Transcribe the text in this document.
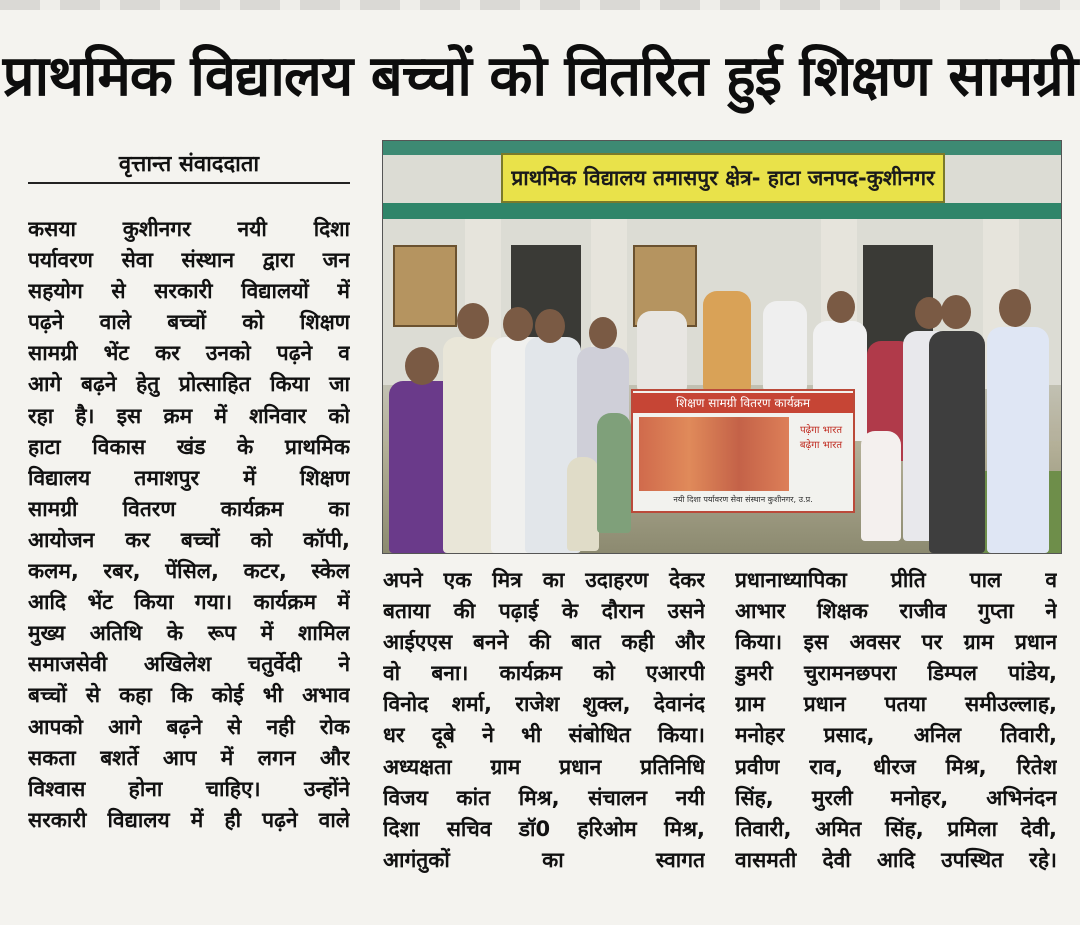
प्राथमिक विद्यालय बच्चों को वितरित हुई शिक्षण सामग्री
वृत्तान्त संवाददाता
कसया कुशीनगर नयी दिशा
पर्यावरण सेवा संस्थान द्वारा जन
सहयोग से सरकारी विद्यालयों में
पढ़ने वाले बच्चों को शिक्षण
सामग्री भेंट कर उनको पढ़ने व
आगे बढ़ने हेतु प्रोत्साहित किया जा
रहा है। इस क्रम में शनिवार को
हाटा विकास खंड के प्राथमिक
विद्यालय तमाशपुर में शिक्षण
सामग्री वितरण कार्यक्रम का
आयोजन कर बच्चों को कॉपी,
कलम, रबर, पेंसिल, कटर, स्केल
आदि भेंट किया गया। कार्यक्रम में
मुख्य अतिथि के रूप में शामिल
समाजसेवी अखिलेश चतुर्वेदी ने
बच्चों से कहा कि कोई भी अभाव
आपको आगे बढ़ने से नही रोक
सकता बशर्ते आप में लगन और
विश्वास होना चाहिए। उन्होंने
सरकारी विद्यालय में ही पढ़ने वाले
प्राथमिक विद्यालय तमासपुर क्षेत्र- हाटा जनपद-कुशीनगर
शिक्षण सामग्री वितरण कार्यक्रम
पढ़ेगा भारत बढ़ेगा भारत
नयी दिशा पर्यावरण सेवा संस्थान कुशीनगर, उ.प्र.
अपने एक मित्र का उदाहरण देकर
बताया की पढ़ाई के दौरान उसने
आईएएस बनने की बात कही और
वो बना। कार्यक्रम को एआरपी
विनोद शर्मा, राजेश शुक्ल, देवानंद
धर दूबे ने भी संबोधित किया।
अध्यक्षता ग्राम प्रधान प्रतिनिधि
विजय कांत मिश्र, संचालन नयी
दिशा सचिव डॉ0 हरिओम मिश्र,
आगंतुकों का स्वागत
प्रधानाध्यापिका प्रीति पाल व
आभार शिक्षक राजीव गुप्ता ने
किया। इस अवसर पर ग्राम प्रधान
डुमरी चुरामनछपरा डिम्पल पांडेय,
ग्राम प्रधान पतया समीउल्लाह,
मनोहर प्रसाद, अनिल तिवारी,
प्रवीण राव, धीरज मिश्र, रितेश
सिंह, मुरली मनोहर, अभिनंदन
तिवारी, अमित सिंह, प्रमिला देवी,
वासमती देवी आदि उपस्थित रहे।
